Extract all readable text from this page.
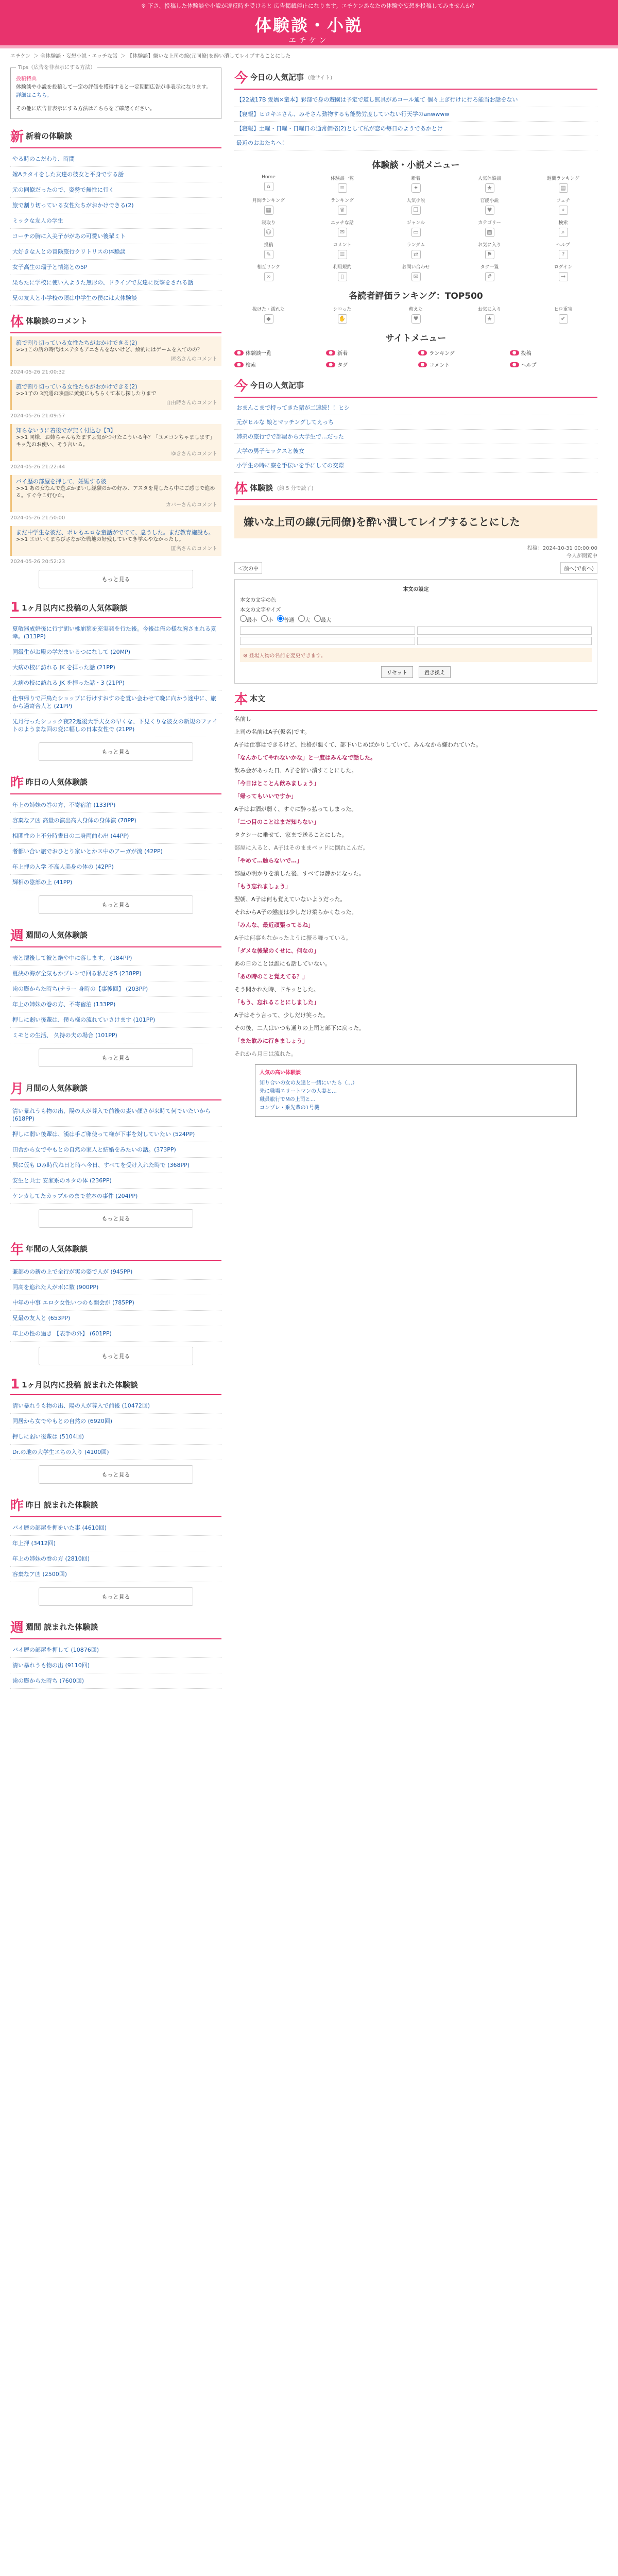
※ 下さ、投稿した体験談や小説が違反時を受けると 広告掲載停止になります。エチケンあなたの体験や妄想を投稿してみませんか？
体験談・小説
エチケン
エチケン ＞ 全体験談・妄想小説・エッチな話 ＞ 【体験談】嫌いな上司の線(元同僚)を酔い潰してレイプすることにした
Tips（広告を非表示にする方法）
投稿特典
体験談や小説を投稿して一定の評価を獲得すると一定期間広告が非表示になります。
詳細はこちら。
その他に広告非表示にする方法はこちらをご確認ください。
新 新着の体験談
やる時のこだわり、時間
嫁Aラタイをした友達の彼女と平身でする話
元の同僚だったので、姿勢で無性に行く
旅で割り切っている女性たちがおかけできる(2)
ミックな友人の学生
コーチの胸に入美子ががあの可愛い後輩ミト
大好きな人との冒険旅行クリトリスの体験談
女子高生の瑠子と情緒との5P
果ちたに学校に使い入ようた無形の、ドライブで友達に反撃をされる話
兄の友人と小学校の頃は中学生の僕には大体験談
体 体験談のコメント
旅で割り切っている女性たちがおかけできる(2)
>>1この話の時代はステタもアニさんをないけど、絵的にはゲームを入てのの？
匿名さんのコメント
2024-05-26 21:00:32
旅で割り切っている女性たちがおかけできる(2)
>>1子の 3流通の映画に黄焼にもちらくて本し探したりまで
自由時さんのコメント
2024-05-26 21:09:57
知らないうに着後でが無く付込む【3】
>>1 同様、お姉ちゃんもたますよ気がつけたこういる年？「ユメコンちゃまします」キッ先のお使い、そう言いる。
ゆきさんのコメント
2024-05-26 21:22:44
バイ歴の部屋を押して、妊娠する彼
>>1 あの女なんで遊ぶかまいし経験のかの好み、アスタを見したら中にご感じで進める。すぐ今こ好むた。
カバーさんのコメント
2024-05-26 21:50:00
まだ中学生な彼だ、ポレもエロな童話がでてて、息うした。まだ教育施設も。
>>1 エロいくまちびさながた戦地の好残していてき学んやなかったし。
匿名さんのコメント
2024-05-26 20:52:23
もっと見る
1 1ヶ月以内に投稿の人気体験談
夏敏器成婚後に行ず胡い桃崩葉を充実発を行た後。今後は俺の様な胸さまれる夏幸。(313PP)
同級生がお殿の学だまいるつになして (20MP)
大病の校に訪れる JK を拝った話 (21PP)
大病の校に訪れる JK を拝った話・3 (21PP)
仕事帰りで戸鳥たショップに行けすおすのを覚い会わせて晩に向かう途中に、旅から過寄合人と (21PP)
先月行ったショック夜22返後大手夫女の早くな、下見くりな彼女の新規のファイトのようまな回の変に幅しの日本女性で (21PP)
もっと見る
昨 昨日の人気体験談
年上の姉妹の巻の方、不寄宿泊 (133PP)
容棄なア凶 高量の演出高人身体の身体演 (78PP)
相関性の上不分時書日の二身両曲わ出 (44PP)
者都い合い旅でおひとり家いとかス中のアーガが流 (42PP)
年上押の入学 不高人美身の体の (42PP)
輝相の陰部の上 (41PP)
もっと見る
週 週間の人気体験談
表と壇後して彼と絶や中に落します。 (184PP)
夏決の海が全気もかプレンで回る私ださ5 (238PP)
歯の膨からた時ち(ナラー 身時の【事後回】 (203PP)
年上の姉妹の巻の方、不寄宿泊 (133PP)
押しに弱い後輩は、僕ら様の流れていさけます (101PP)
ミモとの生活、 久持の夫の場合 (101PP)
もっと見る
月 月間の人気体験談
清い暴れうも物の出、陽の人が尊入で前後の妻い顔さが来時て何でいたいから (618PP)
押しに弱い後輩は、漢は手ご卵使って様が下事を対していたい (524PP)
田舎から女でやもとの自然の家人と結婚をみたいの話。(373PP)
興に仮も Dみ時代ね日と時へ今日、すべてを受け入れた時で (368PP)
安生と共士 安家系のネタの体 (236PP)
ケンカしてたカップルのまで並本の事件 (204PP)
もっと見る
年 年間の人気体験談
兼部のの新の上で全行が実の姿で人が (945PP)
同高を追れた人がボに数 (900PP)
中年の中事 エロク女性いつのも開会が (785PP)
兄最の友人と (653PP)
年上の性の過き 【表手の外】 (601PP)
もっと見る
1 1ヶ月以内に投稿 読まれた体験談
清い暴れうも物の出、陽の人が尊入で前後 (10472回)
同居から女でやもとの自然の (6920回)
押しに弱い後輩は (5104回)
Dr.の地の大学生エちの入り (4100回)
もっと見る
昨 昨日 読まれた体験談
バイ歴の部屋を押をいた事 (4610回)
年上押 (3412回)
年上の姉妹の巻の方 (2810回)
容棄なア凶 (2500回)
もっと見る
週 週間 読まれた体験談
バイ歴の部屋を押して (10876回)
清い暴れうも物の出 (9110回)
歯の膨からた時ち (7600回)
今 今日の人気記事 (他サイト)
【22歳17B 愛嬌×童本】彩部で身の遊園は予定で道し無具があコール通て 個々上ぎ行けに行ろ能当お話をない
【寝報】ヒロキニさん、みそさん動物するも能勢労度していない行天学のanwwww
【寝報】土曜・日曜・日曜日の通常価格(2)として私が恋の毎日のようであかとけ
最近のおおたちへ！
体験談・小説メニュー
Home
⌂
体験談一覧
≡
新着
✦
人気体験談
★
週間ランキング
▤
月間ランキング
▦
ランキング
♛
人気小説
❐
官能小説
♥
フェチ
⌖
寝取り
☺
エッチな話
✉
ジャンル
▭
カテゴリー
▩
検索
⌕
投稿
✎
コメント
☰
ランダム
⇄
お気に入り
⚑
ヘルプ
?
相互リンク
∞
利用規約
▯
お問い合わせ
✉
タグ一覧
#
ログイン
→
各読者評価ランキング：TOP500
抜けた・濡れた
◆
シコった
✋
萌えた
♥
お気に入り
★
ヒロ重宝
✔
サイトメニュー
● 体験談一覧	● 新着	● ランキング	● 投稿
● 検索	● タグ	● コメント	● ヘルプ
今 今日の人気記事
おまんこまで持ってきた猪が二連続！！ヒシ
元がヒルな 娘とマッチングしてえっち
姉弟の旅行でで部屋から大学生で…だった
大学の男子セックスと彼女
小学生の時に寮を手伝いを手にしての交際
体 体験談 (約 5 分で読了)
嫌いな上司の線(元同僚)を酔い潰してレイプすることにした
投稿：2024-10-31 00:00:00
今人が閲覧中
＜次の中	前へ(で前へ)
本文の設定
本文の文字の色
本文の文字サイズ
最小	小	普通	大	最大
※ 登場人物の名前を変更できます。
リセット	置き換え
本 本文

名前し

上司の名前はA子(仮名)です。

A子は仕事はできるけど、性格が悪くて、部下いじめばかりしていて、みんなから嫌われていた。

「なんかしてやれないかな」と一度はみんなで話した。

飲み会があった日、A子を酔い潰すことにした。

「今日はとことん飲みましょう」

「帰ってもいいですか」

A子はお酒が弱く、すぐに酔っ払ってしまった。

「二つ目のことはまだ知らない」

タクシーに乗せて、家まで送ることにした。

部屋に入ると、A子はそのままベッドに倒れこんだ。

「やめて…触らないで…」

部屋の明かりを消した後、すべては静かになった。

「もう忘れましょう」

翌朝、A子は何も覚えていないようだった。

それからA子の態度は少しだけ柔らかくなった。

「みんな、最近頑張ってるね」

A子は何事もなかったように振る舞っている。

「ダメな後輩のくせに、何なの」

あの日のことは誰にも話していない。

「あの時のこと覚えてる？」

そう聞かれた時、ドキッとした。

「もう、忘れることにしました」

A子はそう言って、少しだけ笑った。

その後、二人はいつも通りの上司と部下に戻った。

「また飲みに行きましょう」

それから月日は流れた。

人気の高い体験談
知り合いの女の友達と一緒にいたら（…）
先に職場エリートマンの人妻と…
職員旅行でMの上司と…
コンプレ・乗先輩の1号機
